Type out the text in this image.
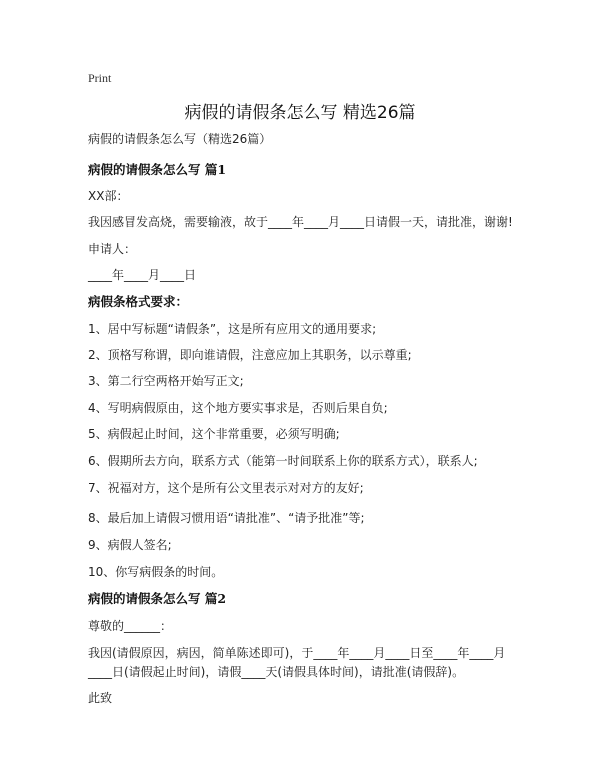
Print
病假的请假条怎么写 精选26篇
病假的请假条怎么写（精选26篇）
病假的请假条怎么写 篇1
XX部：
我因感冒发高烧，需要输液，故于____年____月____日请假一天，请批准，谢谢!
申请人：
____年____月____日
病假条格式要求：
1、居中写标题“请假条”，这是所有应用文的通用要求;
2、顶格写称谓，即向谁请假，注意应加上其职务，以示尊重;
3、第二行空两格开始写正文;
4、写明病假原由，这个地方要实事求是，否则后果自负;
5、病假起止时间，这个非常重要，必须写明确;
6、假期所去方向，联系方式（能第一时间联系上你的联系方式），联系人;
7、祝福对方，这个是所有公文里表示对对方的友好;
8、最后加上请假习惯用语“请批准”、“请予批准”等;
9、病假人签名;
10、你写病假条的时间。
病假的请假条怎么写 篇2
尊敬的______：
我因(请假原因，病因，简单陈述即可)，于____年____月____日至____年____月
____日(请假起止时间)，请假____天(请假具体时间)，请批准(请假辞)。
此致
